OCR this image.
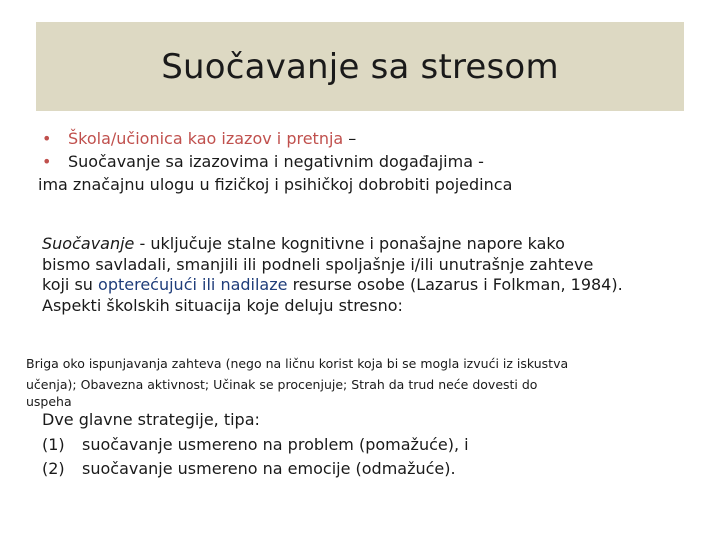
Suočavanje sa stresom
• Škola/učionica kao izazov i pretnja –
• Suočavanje sa izazovima i negativnim događajima -
ima značajnu ulogu u fizičkoj i psihičkoj dobrobiti pojedinca
Suočavanje - uključuje stalne kognitivne i ponašajne napore kako
bismo savladali, smanjili ili podneli spoljašnje i/ili unutrašnje zahteve
koji su opterećujući ili nadilaze resurse osobe (Lazarus i Folkman, 1984).
Aspekti školskih situacija koje deluju stresno:
Briga oko ispunjavanja zahteva (nego na ličnu korist koja bi se mogla izvući iz iskustva
učenja); Obavezna aktivnost; Učinak se procenjuje; Strah da trud neće dovesti do
uspeha
Dve glavne strategije, tipa:
(1) suočavanje usmereno na problem (pomažuće), i
(2) suočavanje usmereno na emocije (odmažuće).
